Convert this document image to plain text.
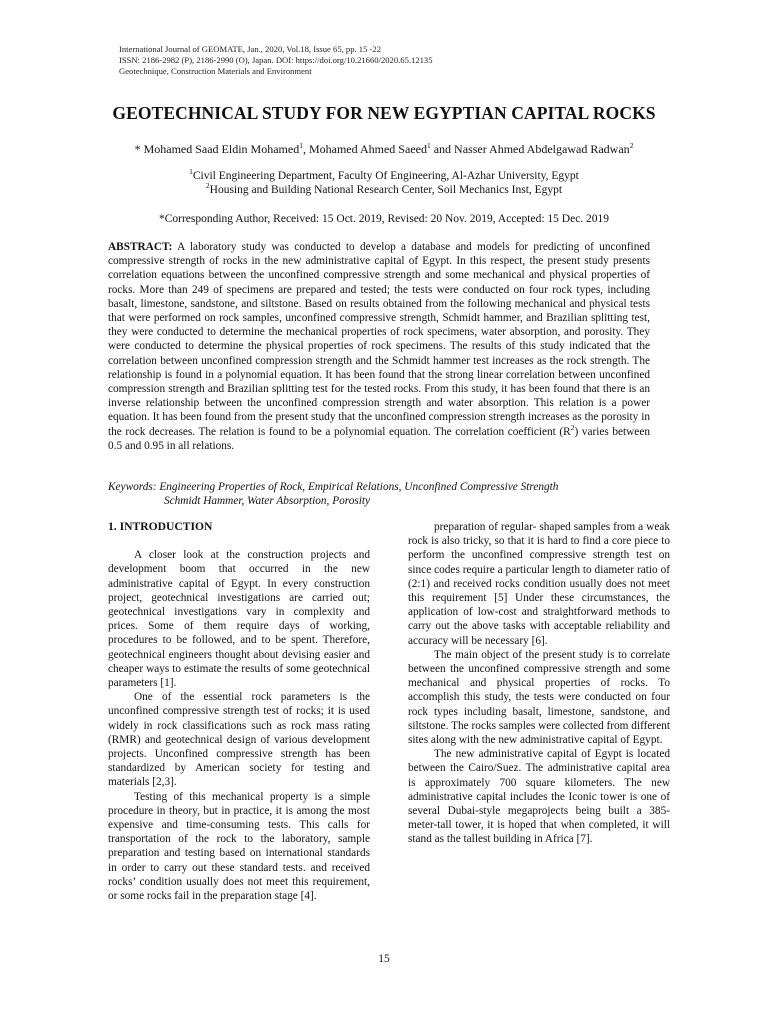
International Journal of GEOMATE, Jan., 2020, Vol.18, Issue 65, pp. 15 -22
ISSN: 2186-2982 (P), 2186-2990 (O), Japan. DOI: https://doi.org/10.21660/2020.65.12135
Geotechnique, Construction Materials and Environment
GEOTECHNICAL STUDY FOR NEW EGYPTIAN CAPITAL ROCKS
* Mohamed Saad Eldin Mohamed$^1$, Mohamed Ahmed Saeed$^1$ and Nasser Ahmed Abdelgawad Radwan$^2$
$^1$Civil Engineering Department, Faculty Of Engineering, Al-Azhar University, Egypt
$^2$Housing and Building National Research Center, Soil Mechanics Inst, Egypt
*Corresponding Author, Received: 15 Oct. 2019, Revised: 20 Nov. 2019, Accepted: 15 Dec. 2019
ABSTRACT: A laboratory study was conducted to develop a database and models for predicting of unconfined compressive strength of rocks in the new administrative capital of Egypt. In this respect, the present study presents correlation equations between the unconfined compressive strength and some mechanical and physical properties of rocks. More than 249 of specimens are prepared and tested; the tests were conducted on four rock types, including basalt, limestone, sandstone, and siltstone. Based on results obtained from the following mechanical and physical tests that were performed on rock samples, unconfined compressive strength, Schmidt hammer, and Brazilian splitting test, they were conducted to determine the mechanical properties of rock specimens, water absorption, and porosity. They were conducted to determine the physical properties of rock specimens. The results of this study indicated that the correlation between unconfined compression strength and the Schmidt hammer test increases as the rock strength. The relationship is found in a polynomial equation. It has been found that the strong linear correlation between unconfined compression strength and Brazilian splitting test for the tested rocks. From this study, it has been found that there is an inverse relationship between the unconfined compression strength and water absorption. This relation is a power equation. It has been found from the present study that the unconfined compression strength increases as the porosity in the rock decreases. The relation is found to be a polynomial equation. The correlation coefficient $(R^2)$ varies between 0.5 and 0.95 in all relations.
Keywords: Engineering Properties of Rock, Empirical Relations, Unconfined Compressive Strength
Schmidt Hammer, Water Absorption, Porosity
1. INTRODUCTION

A closer look at the construction projects and development boom that occurred in the new administrative capital of Egypt. In every construction project, geotechnical investigations are carried out; geotechnical investigations vary in complexity and prices. Some of them require days of working, procedures to be followed, and to be spent. Therefore, geotechnical engineers thought about devising easier and cheaper ways to estimate the results of some geotechnical parameters [1].

One of the essential rock parameters is the unconfined compressive strength test of rocks; it is used widely in rock classifications such as rock mass rating (RMR) and geotechnical design of various development projects. Unconfined compressive strength has been standardized by American society for testing and materials [2,3].

Testing of this mechanical property is a simple procedure in theory, but in practice, it is among the most expensive and time-consuming tests. This calls for transportation of the rock to the laboratory, sample preparation and testing based on international standards in order to carry out these standard tests. and received rocks’ condition usually does not meet this requirement, or some rocks fail in the preparation stage [4].

preparation of regular- shaped samples from a weak rock is also tricky, so that it is hard to find a core piece to perform the unconfined compressive strength test on since codes require a particular length to diameter ratio of (2:1) and received rocks condition usually does not meet this requirement [5] Under these circumstances, the application of low-cost and straightforward methods to carry out the above tasks with acceptable reliability and accuracy will be necessary [6].

The main object of the present study is to correlate between the unconfined compressive strength and some mechanical and physical properties of rocks. To accomplish this study, the tests were conducted on four rock types including basalt, limestone, sandstone, and siltstone. The rocks samples were collected from different sites along with the new administrative capital of Egypt.

The new administrative capital of Egypt is located between the Cairo/Suez. The administrative capital area is approximately 700 square kilometers. The new administrative capital includes the Iconic tower is one of several Dubai-style megaprojects being built a 385-meter-tall tower, it is hoped that when completed, it will stand as the tallest building in Africa [7].

15
